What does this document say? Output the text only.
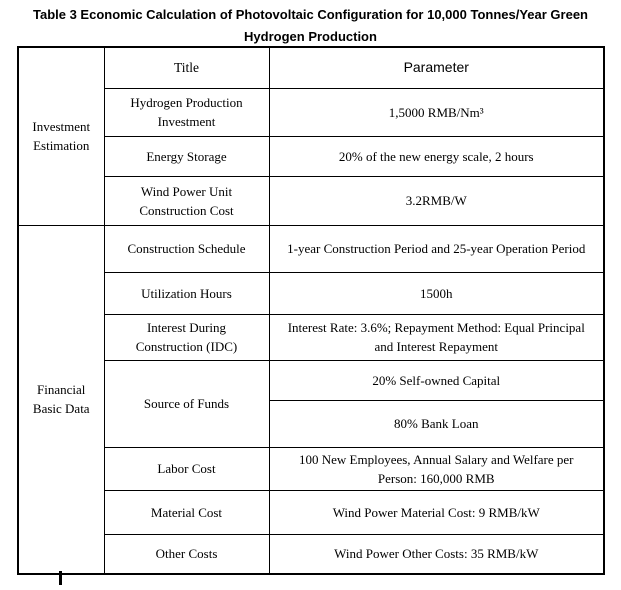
Table 3 Economic Calculation of Photovoltaic Configuration for 10,000 Tonnes/Year Green
Hydrogen Production
Investment Estimation	Title	Parameter
	Hydrogen Production Investment	1,5000 RMB/Nm³
	Energy Storage	20% of the new energy scale, 2 hours
	Wind Power Unit Construction Cost	3.2RMB/W
Financial Basic Data	Construction Schedule	1-year Construction Period and 25-year Operation Period
	Utilization Hours	1500h
	Interest During Construction (IDC)	Interest Rate: 3.6%; Repayment Method: Equal Principal and Interest Repayment
	Source of Funds	20% Self-owned Capital
		80% Bank Loan
	Labor Cost	100 New Employees, Annual Salary and Welfare per Person: 160,000 RMB
	Material Cost	Wind Power Material Cost: 9 RMB/kW
	Other Costs	Wind Power Other Costs: 35 RMB/kW
